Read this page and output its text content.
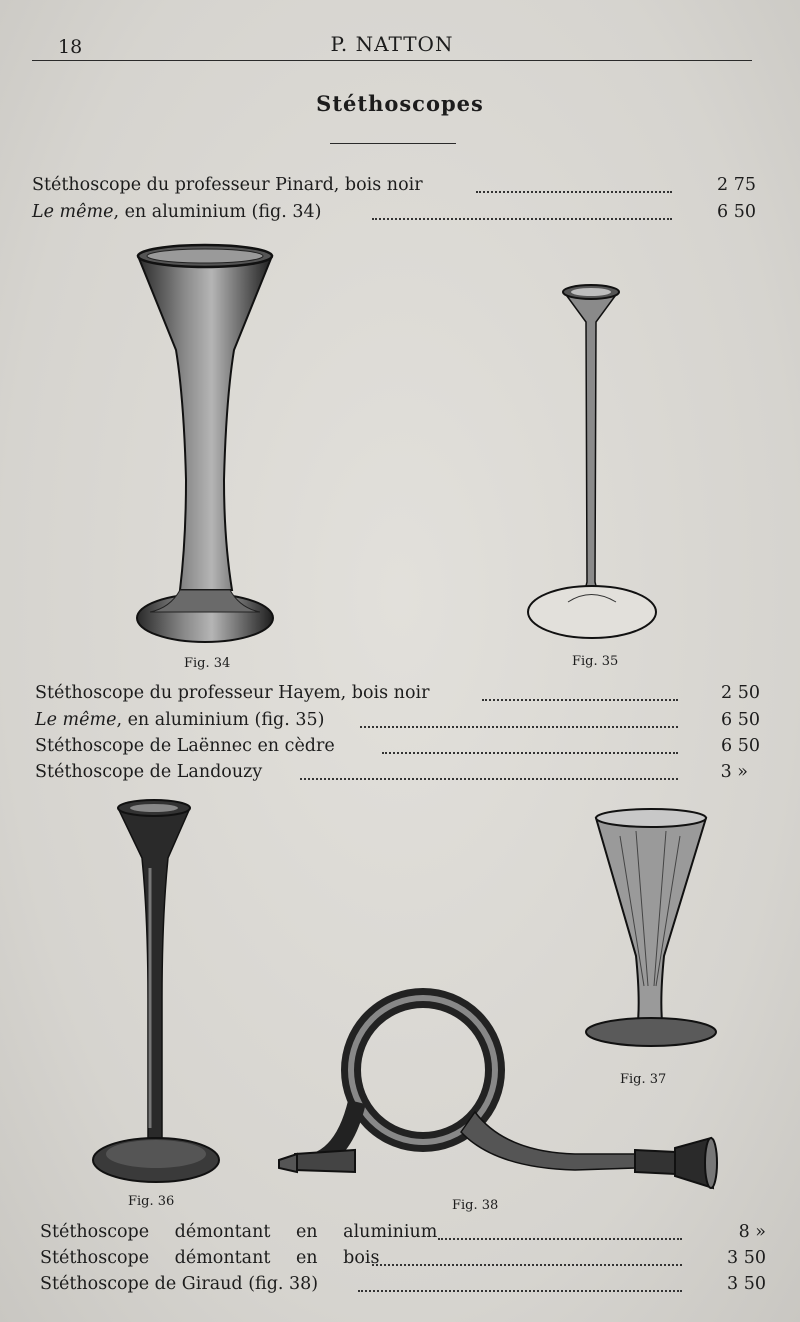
18	P. NATTON
Stéthoscopes
Stéthoscope du professeur Pinard, bois noir	2 75
Le même, en aluminium (fig. 34)	6 50
Fig. 34	Fig. 35
Stéthoscope du professeur Hayem, bois noir	2 50
Le même, en aluminium (fig. 35)	6 50
Stéthoscope de Laënnec en cèdre	6 50
Stéthoscope de Landouzy	3 »
Fig. 36
Fig. 37
Fig. 38
Stéthoscope démontant en aluminium	8 »
Stéthoscope démontant en bois	3 50
Stéthoscope de Giraud (fig. 38)	3 50
